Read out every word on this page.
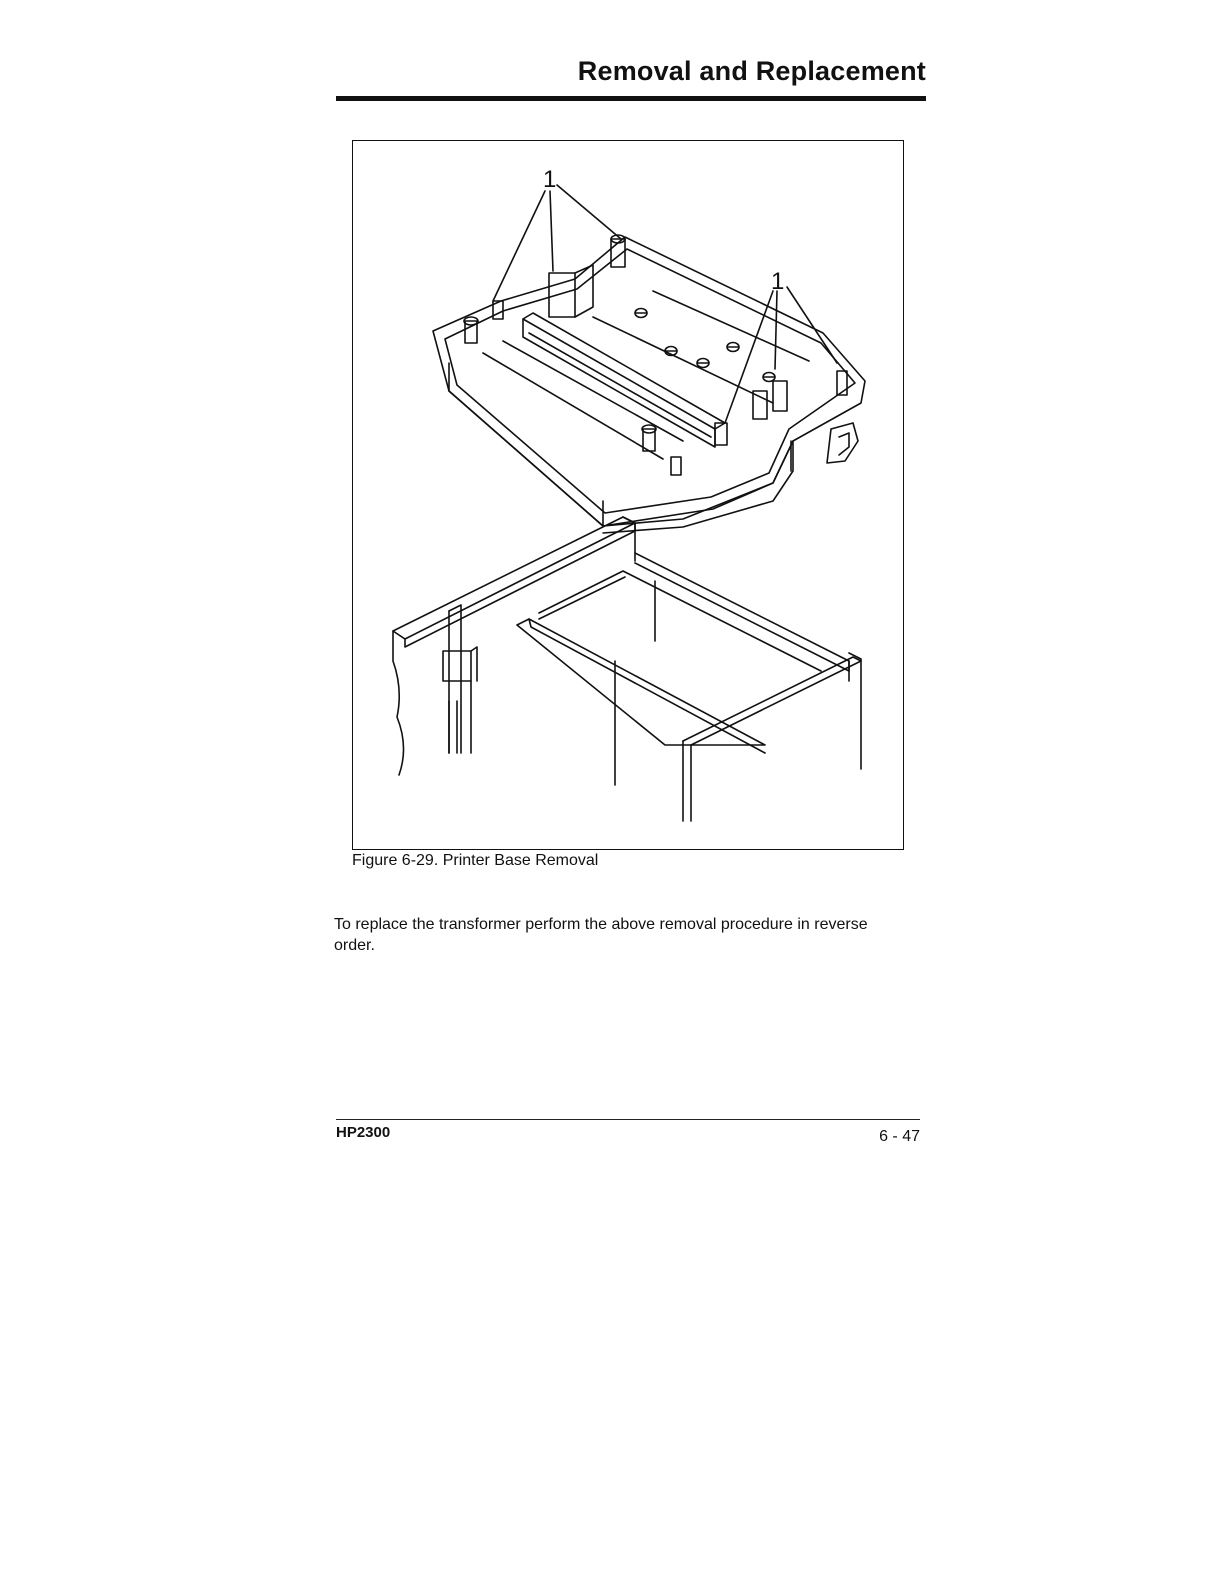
Removal and Replacement
1
1
Figure 6-29. Printer Base Removal
To replace the transformer perform the above removal procedure in reverse order.
HP2300	6 - 47
